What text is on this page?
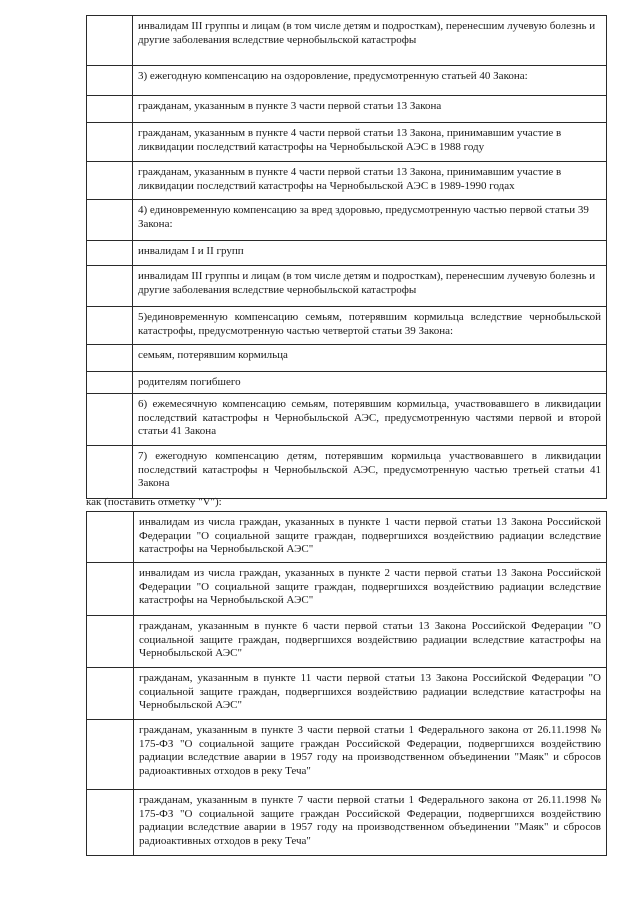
	инвалидам III группы и лицам (в том числе детям и подросткам), перенесшим лучевую болезнь и другие заболевания вследствие чернобыльской катастрофы
	3) ежегодную компенсацию на оздоровление, предусмотренную статьей 40 Закона:
	гражданам, указанным в пункте 3 части первой статьи 13 Закона
	гражданам, указанным в пункте 4 части первой статьи 13 Закона, принимавшим участие в ликвидации последствий катастрофы на Чернобыльской АЭС в 1988 году
	гражданам, указанным в пункте 4 части первой статьи 13 Закона, принимавшим участие в ликвидации последствий катастрофы на Чернобыльской АЭС в 1989-1990 годах
	4) единовременную компенсацию за вред здоровью, предусмотренную частью первой статьи 39 Закона:
	инвалидам I и II групп
	инвалидам III группы и лицам (в том числе детям и подросткам), перенесшим лучевую болезнь и другие заболевания вследствие чернобыльской катастрофы
	5)единовременную компенсацию семьям, потерявшим кормильца вследствие чернобыльской катастрофы, предусмотренную частью четвертой статьи 39 Закона:
	семьям, потерявшим кормильца
	родителям погибшего
	6) ежемесячную компенсацию семьям, потерявшим кормильца, участвовавшего в ликвидации последствий катастрофы н Чернобыльской АЭС, предусмотренную частями первой и второй статьи 41 Закона
	7) ежегодную компенсацию детям, потерявшим кормильца участвовавшего в ликвидации последствий катастрофы н Чернобыльской АЭС, предусмотренную частью третьей статьи 41 Закона
как (поставить отметку "V"):
	инвалидам из числа граждан, указанных в пункте 1 части первой статьи 13 Закона Российской Федерации "О социальной защите граждан, подвергшихся воздействию радиации вследствие катастрофы на Чернобыльской АЭС"
	инвалидам из числа граждан, указанных в пункте 2 части первой статьи 13 Закона Российской Федерации "О социальной защите граждан, подвергшихся воздействию радиации вследствие катастрофы на Чернобыльской АЭС"
	гражданам, указанным в пункте 6 части первой статьи 13 Закона Российской Федерации "О социальной защите граждан, подвергшихся воздействию радиации вследствие катастрофы на Чернобыльской АЭС"
	гражданам, указанным в пункте 11 части первой статьи 13 Закона Российской Федерации "О социальной защите граждан, подвергшихся воздействию радиации вследствие катастрофы на Чернобыльской АЭС"
	гражданам, указанным в пункте 3 части первой статьи 1 Федерального закона от 26.11.1998 № 175-ФЗ "О социальной защите граждан Российской Федерации, подвергшихся воздействию радиации вследствие аварии в 1957 году на производственном объединении "Маяк" и сбросов радиоактивных отходов в реку Теча"
	гражданам, указанным в пункте 7 части первой статьи 1 Федерального закона от 26.11.1998 № 175-ФЗ "О социальной защите граждан Российской Федерации, подвергшихся воздействию радиации вследствие аварии в 1957 году на производственном объединении "Маяк" и сбросов радиоактивных отходов в реку Теча"
